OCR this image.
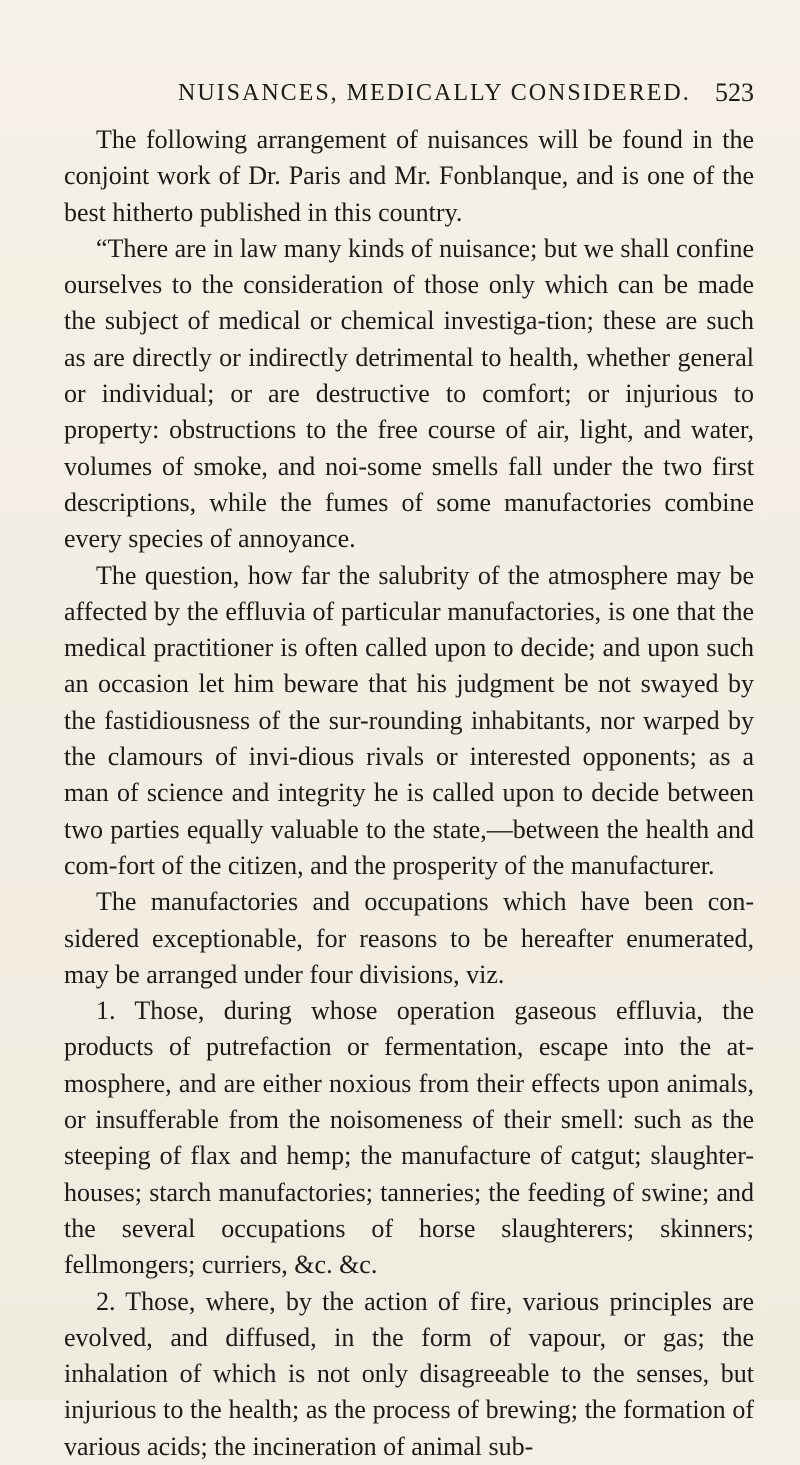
NUISANCES, MEDICALLY CONSIDERED. 523

The following arrangement of nuisances will be found in the conjoint work of Dr. Paris and Mr. Fonblanque, and is one of the best hitherto published in this country.

“There are in law many kinds of nuisance; but we shall confine ourselves to the consideration of those only which can be made the subject of medical or chemical investiga-tion; these are such as are directly or indirectly detrimental to health, whether general or individual; or are destructive to comfort; or injurious to property: obstructions to the free course of air, light, and water, volumes of smoke, and noi-some smells fall under the two first descriptions, while the fumes of some manufactories combine every species of annoyance.

The question, how far the salubrity of the atmosphere may be affected by the effluvia of particular manufactories, is one that the medical practitioner is often called upon to decide; and upon such an occasion let him beware that his judgment be not swayed by the fastidiousness of the sur-rounding inhabitants, nor warped by the clamours of invi-dious rivals or interested opponents; as a man of science and integrity he is called upon to decide between two parties equally valuable to the state,—between the health and com-fort of the citizen, and the prosperity of the manufacturer.

The manufactories and occupations which have been con-sidered exceptionable, for reasons to be hereafter enumerated, may be arranged under four divisions, viz.

1. Those, during whose operation gaseous effluvia, the products of putrefaction or fermentation, escape into the at-mosphere, and are either noxious from their effects upon animals, or insufferable from the noisomeness of their smell: such as the steeping of flax and hemp; the manufacture of catgut; slaughter-houses; starch manufactories; tanneries; the feeding of swine; and the several occupations of horse slaughterers; skinners; fellmongers; curriers, &c. &c.

2. Those, where, by the action of fire, various principles are evolved, and diffused, in the form of vapour, or gas; the inhalation of which is not only disagreeable to the senses, but injurious to the health; as the process of brewing; the formation of various acids; the incineration of animal sub-
